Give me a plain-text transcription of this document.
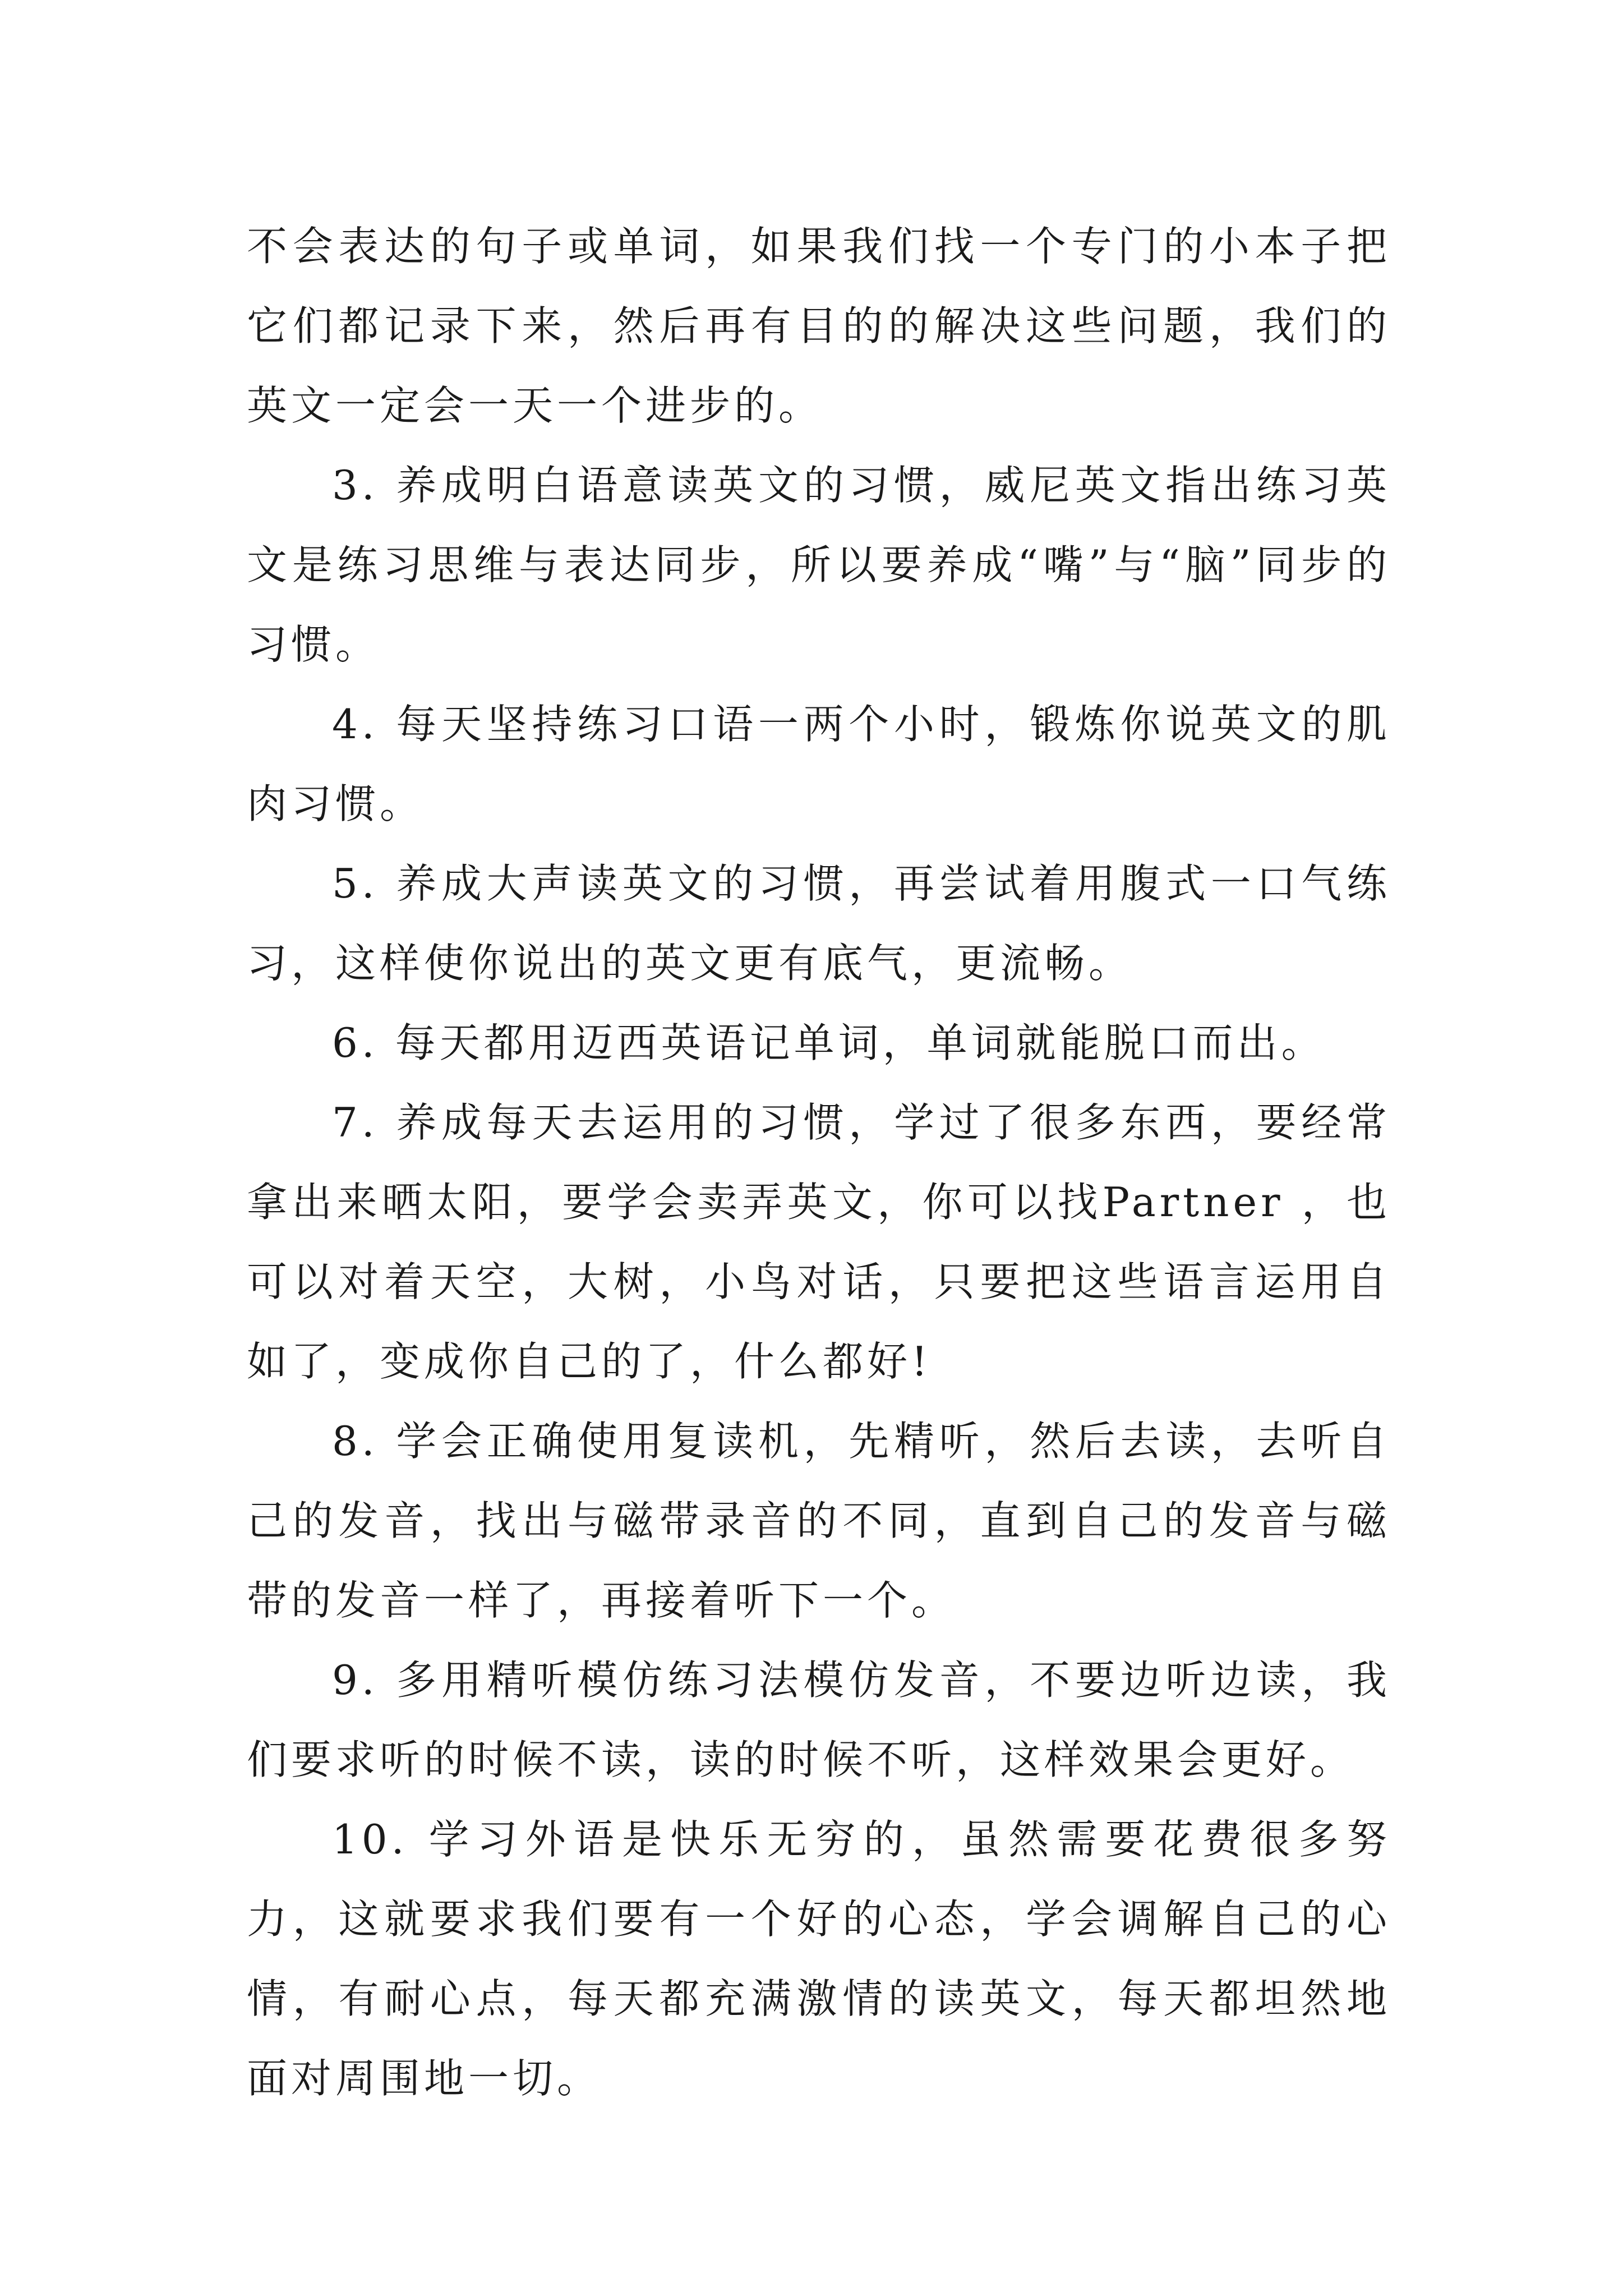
不会表达的句子或单词，如果我们找一个专门的小本子把它们都记录下来，然后再有目的的解决这些问题，我们的英文一定会一天一个进步的。

3. 养成明白语意读英文的习惯，威尼英文指出练习英文是练习思维与表达同步，所以要养成“嘴”与“脑”同步的习惯。

4. 每天坚持练习口语一两个小时，锻炼你说英文的肌肉习惯。

5. 养成大声读英文的习惯，再尝试着用腹式一口气练习，这样使你说出的英文更有底气，更流畅。

6. 每天都用迈西英语记单词，单词就能脱口而出。

7. 养成每天去运用的习惯，学过了很多东西，要经常拿出来晒太阳，要学会卖弄英文，你可以找Partner ，也可以对着天空，大树，小鸟对话，只要把这些语言运用自如了，变成你自己的了，什么都好!

8. 学会正确使用复读机，先精听，然后去读，去听自己的发音，找出与磁带录音的不同，直到自己的发音与磁带的发音一样了，再接着听下一个。

9. 多用精听模仿练习法模仿发音，不要边听边读，我们要求听的时候不读，读的时候不听，这样效果会更好。

10. 学习外语是快乐无穷的，虽然需要花费很多努力，这就要求我们要有一个好的心态，学会调解自己的心情，有耐心点，每天都充满激情的读英文，每天都坦然地面对周围地一切。
